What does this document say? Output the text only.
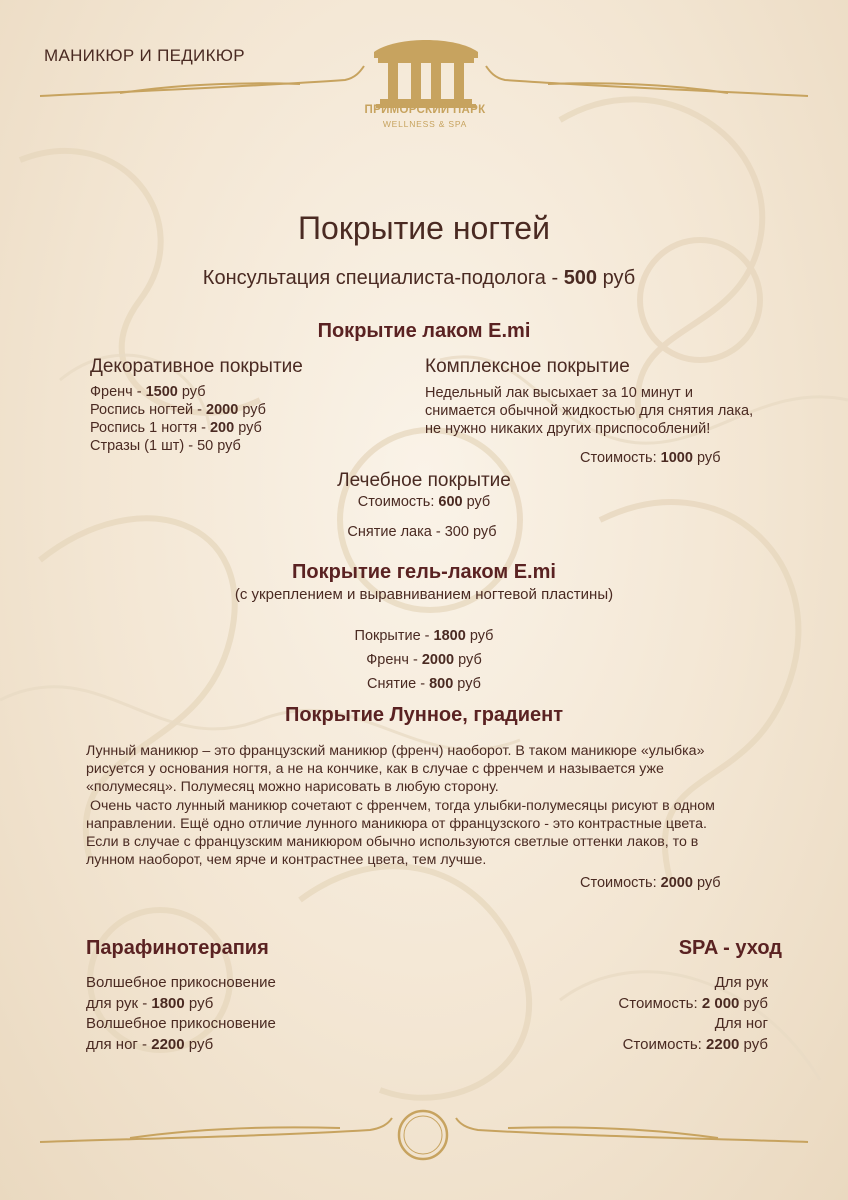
МАНИКЮР И ПЕДИКЮР
ПРИМОРСКИЙ ПАРК
WELLNESS & SPA
Покрытие ногтей
Консультация специалиста-подолога - 500 руб
Покрытие лаком E.mi
Декоративное покрытие
Френч - 1500 руб
Роспись ногтей - 2000 руб
Роспись 1 ногтя - 200 руб
Стразы (1 шт) - 50 руб
Комплексное покрытие
Недельный лак высыхает за 10 минут и
снимается обычной жидкостью для снятия лака,
не нужно никаких других приспособлений!
Стоимость: 1000 руб
Лечебное покрытие
Стоимость: 600 руб
Снятие лака - 300 руб
Покрытие гель-лаком E.mi
(с укреплением и выравниванием ногтевой пластины)
Покрытие - 1800 руб
Френч - 2000 руб
Снятие - 800 руб
Покрытие Лунное, градиент
Лунный маникюр – это французский маникюр (френч) наоборот. В таком маникюре «улыбка»
рисуется у основания ногтя, а не на кончике, как в случае с френчем и называется уже
«полумесяц». Полумесяц можно нарисовать в любую сторону.
Очень часто лунный маникюр сочетают с френчем, тогда улыбки-полумесяцы рисуют в одном
направлении. Ещё одно отличие лунного маникюра от французского - это контрастные цвета.
Если в случае с французским маникюром обычно используются светлые оттенки лаков, то в
лунном наоборот, чем ярче и контрастнее цвета, тем лучше.
Стоимость: 2000 руб
Парафинотерапия
Волшебное прикосновение
для рук - 1800 руб
Волшебное прикосновение
для ног - 2200 руб
SPA - уход
Для рук
Стоимость: 2 000 руб
Для ног
Стоимость: 2200 руб
